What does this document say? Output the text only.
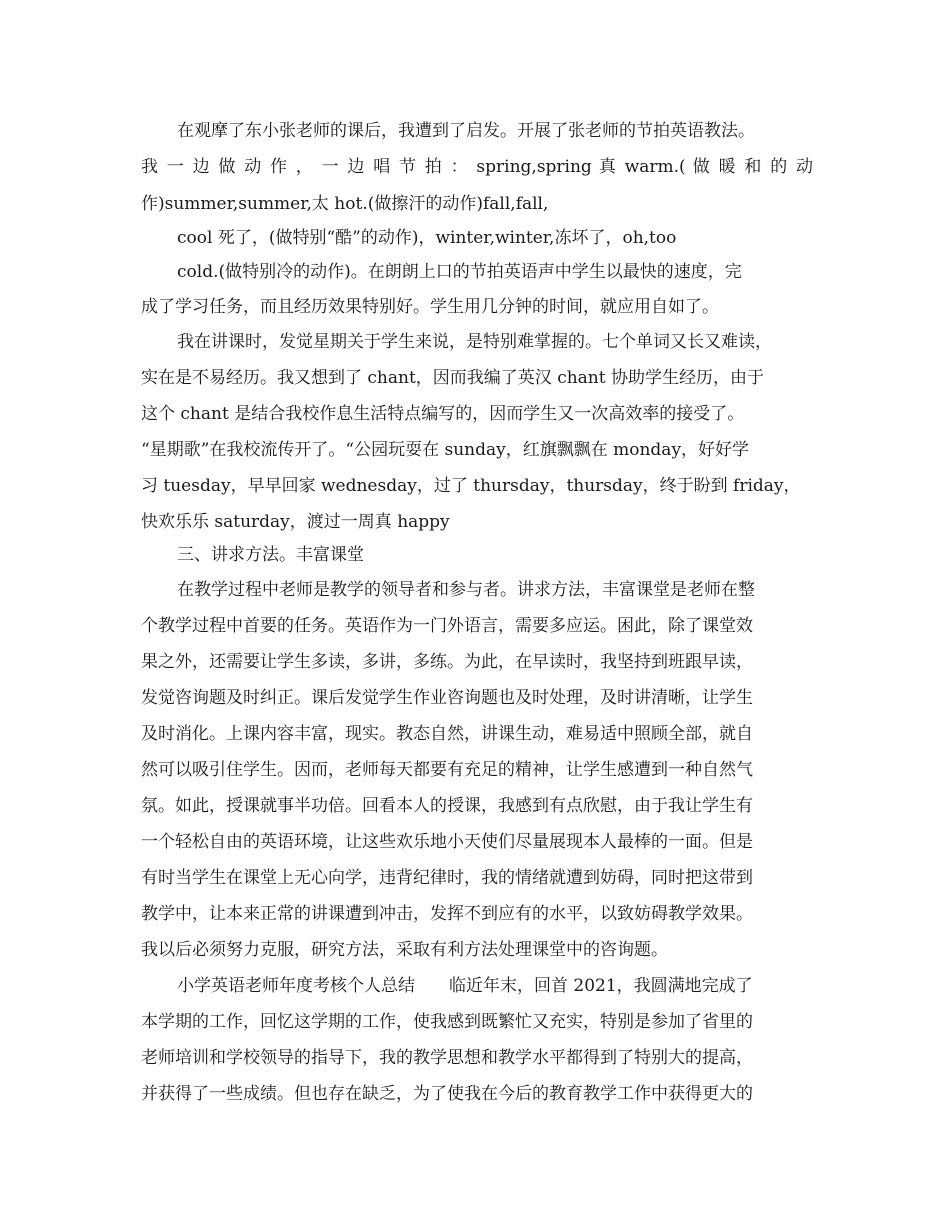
在观摩了东小张老师的课后，我遭到了启发。开展了张老师的节拍英语教法。
我 一 边 做 动 作 ， 一 边 唱 节 拍 ： spring,spring 真 warm.( 做 暖 和 的 动
作)summer,summer,太 hot.(做擦汗的动作)fall,fall,
cool 死了，(做特别“酷”的动作)，winter,winter,冻坏了，oh,too
cold.(做特别冷的动作)。在朗朗上口的节拍英语声中学生以最快的速度，完
成了学习任务，而且经历效果特别好。学生用几分钟的时间，就应用自如了。
我在讲课时，发觉星期关于学生来说，是特别难掌握的。七个单词又长又难读，
实在是不易经历。我又想到了 chant，因而我编了英汉 chant 协助学生经历，由于
这个 chant 是结合我校作息生活特点编写的，因而学生又一次高效率的接受了。
“星期歌”在我校流传开了。“公园玩耍在 sunday，红旗飘飘在 monday，好好学
习 tuesday，早早回家 wednesday，过了 thursday，thursday，终于盼到 friday，
快欢乐乐 saturday，渡过一周真 happy
三、讲求方法。丰富课堂
在教学过程中老师是教学的领导者和参与者。讲求方法，丰富课堂是老师在整
个教学过程中首要的任务。英语作为一门外语言，需要多应运。困此，除了课堂效
果之外，还需要让学生多读，多讲，多练。为此，在早读时，我坚持到班跟早读，
发觉咨询题及时纠正。课后发觉学生作业咨询题也及时处理，及时讲清晰，让学生
及时消化。上课内容丰富，现实。教态自然，讲课生动，难易适中照顾全部，就自
然可以吸引住学生。因而，老师每天都要有充足的精神，让学生感遭到一种自然气
氛。如此，授课就事半功倍。回看本人的授课，我感到有点欣慰，由于我让学生有
一个轻松自由的英语环境，让这些欢乐地小天使们尽量展现本人最棒的一面。但是
有时当学生在课堂上无心向学，违背纪律时，我的情绪就遭到妨碍，同时把这带到
教学中，让本来正常的讲课遭到冲击，发挥不到应有的水平，以致妨碍教学效果。
我以后必须努力克服，研究方法，采取有利方法处理课堂中的咨询题。
小学英语老师年度考核个人总结　　临近年末，回首 2021，我圆满地完成了
本学期的工作，回忆这学期的工作，使我感到既繁忙又充实，特别是参加了省里的
老师培训和学校领导的指导下，我的教学思想和教学水平都得到了特别大的提高，
并获得了一些成绩。但也存在缺乏，为了使我在今后的教育教学工作中获得更大的
